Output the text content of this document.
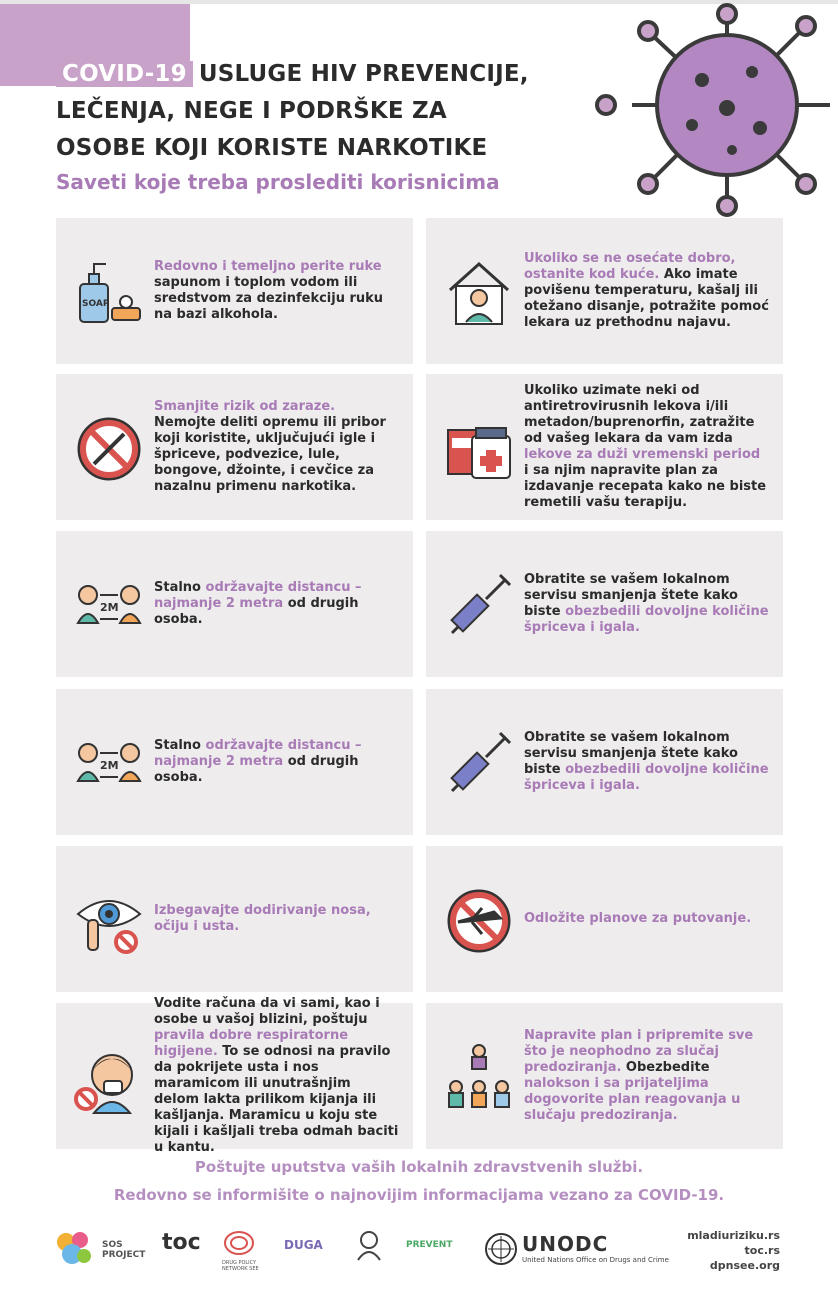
COVID-19 USLUGE HIV PREVENCIJE,
LEČENJA, NEGE I PODRŠKE ZA
OSOBE KOJI KORISTE NARKOTIKE
Saveti koje treba proslediti korisnicima
SOAP
Redovno i temeljno perite ruke sapunom i toplom vodom ili sredstvom za dezinfekciju ruku na bazi alkohola.
Ukoliko se ne osećate dobro, ostanite kod kuće. Ako imate povišenu temperaturu, kašalj ili otežano disanje, potražite pomoć lekara uz prethodnu najavu.
Smanjite rizik od zaraze. Nemojte deliti opremu ili pribor koji koristite, uključujući igle i špriceve, podvezice, lule, bongove, džointe, i cevčice za nazalnu primenu narkotika.
Ukoliko uzimate neki od antiretrovirusnih lekova i/ili metadon/buprenorfin, zatražite od vašeg lekara da vam izda lekove za duži vremenski period i sa njim napravite plan za izdavanje recepata kako ne biste remetili vašu terapiju.
2M
Stalno održavajte distancu – najmanje 2 metra od drugih osoba.
Obratite se vašem lokalnom servisu smanjenja štete kako biste obezbedili dovoljne količine špriceva i igala.
2M
Stalno održavajte distancu – najmanje 2 metra od drugih osoba.
Obratite se vašem lokalnom servisu smanjenja štete kako biste obezbedili dovoljne količine špriceva i igala.
Izbegavajte dodirivanje nosa, očiju i usta.
Odložite planove za putovanje.
Vodite računa da vi sami, kao i osobe u vašoj blizini, poštuju pravila dobre respiratorne higijene. To se odnosi na pravilo da pokrijete usta i nos maramicom ili unutrašnjim delom lakta prilikom kijanja ili kašljanja. Maramicu u koju ste kijali i kašljali treba odmah baciti u kantu.
Napravite plan i pripremite sve što je neophodno za slučaj predoziranja. Obezbedite nalokson i sa prijateljima dogovorite plan reagovanja u slučaju predoziranja.
Poštujte uputstva vaših lokalnih zdravstvenih službi.
Redovno se informišite o najnovijim informacijama vezano za COVID-19.
SOS PROJECT toc
DRUG POLICY NETWORK SEE
DUGA	PREVENT	UNODC
United Nations Office on Drugs and Crime
mladiuriziku.rs
toc.rs
dpnsee.org
